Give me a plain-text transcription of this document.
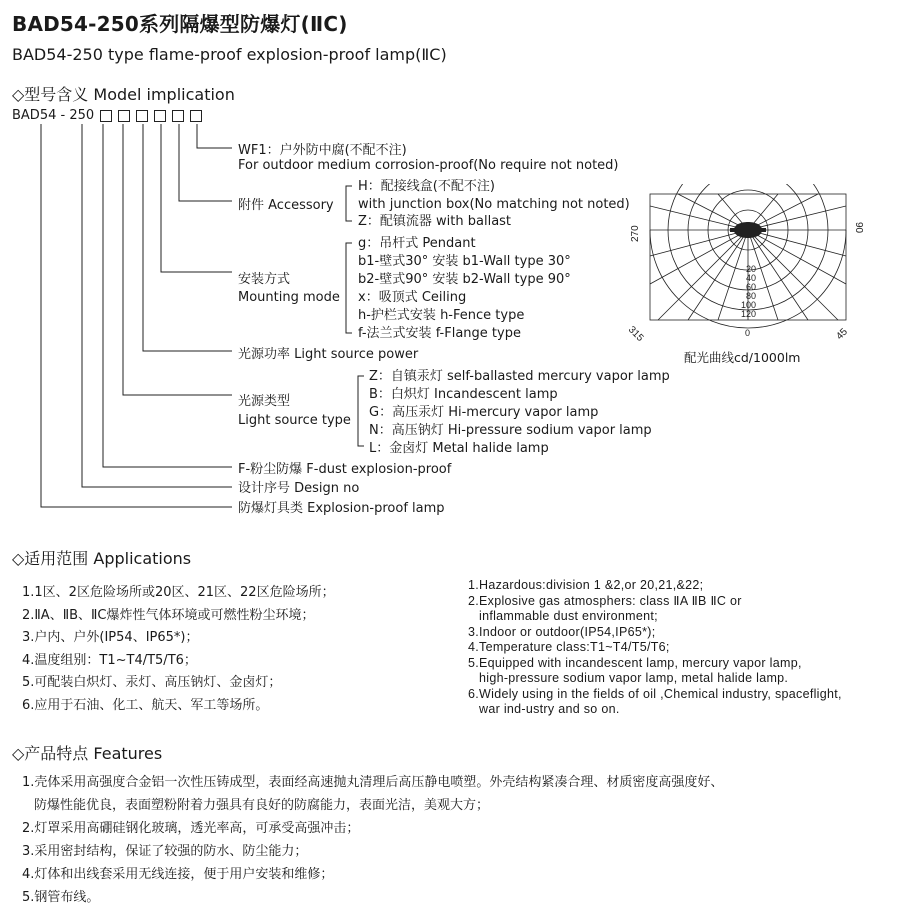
BAD54-250系列隔爆型防爆灯(ⅡC)
BAD54-250 type flame-proof explosion-proof lamp(ⅡC)
◇型号含义 Model implication
BAD54 - 250
WF1：户外防中腐(不配不注)
For outdoor medium corrosion-proof(No require not noted)
附件 Accessory
H：配接线盒(不配不注)
with junction box(No matching not noted)
Z：配镇流器 with ballast
安装方式
Mounting mode
g：吊杆式 Pendant
b1-壁式30° 安装 b1-Wall type 30°
b2-壁式90° 安装 b2-Wall type 90°
x：吸顶式 Ceiling
h-护栏式安装 h-Fence type
f-法兰式安装 f-Flange type
光源功率 Light source power
光源类型
Light source type
Z：自镇汞灯 self-ballasted mercury vapor lamp
B：白炽灯 Incandescent lamp
G：高压汞灯 Hi-mercury vapor lamp
N：高压钠灯 Hi-pressure sodium vapor lamp
L：金卤灯 Metal halide lamp
F-粉尘防爆 F-dust explosion-proof
设计序号 Design no
防爆灯具类 Explosion-proof lamp
20
40
60
80
100
120
0
270	90
315	45
配光曲线cd/1000lm
◇适用范围 Applications
1.1区、2区危险场所或20区、21区、22区危险场所；
2.ⅡA、ⅡB、ⅡC爆炸性气体环境或可燃性粉尘环境；
3.户内、户外(IP54、IP65*)；
4.温度组别：T1~T4/T5/T6；
5.可配装白炽灯、汞灯、高压钠灯、金卤灯；
6.应用于石油、化工、航天、军工等场所。
1.Hazardous:division 1 &2,or 20,21,&22;
2.Explosive gas atmosphers: class ⅡA ⅡB ⅡC or
inflammable dust environment;
3.Indoor or outdoor(IP54,IP65*);
4.Temperature class:T1~T4/T5/T6;
5.Equipped with incandescent lamp, mercury vapor lamp,
high-pressure sodium vapor lamp, metal halide lamp.
6.Widely using in the fields of oil ,Chemical industry, spaceflight,
war ind-ustry and so on.
◇产品特点 Features
1.壳体采用高强度合金铝一次性压铸成型，表面经高速抛丸清理后高压静电喷塑。外壳结构紧凑合理、材质密度高强度好、
防爆性能优良，表面塑粉附着力强具有良好的防腐能力，表面光洁，美观大方；
2.灯罩采用高硼硅钢化玻璃，透光率高，可承受高强冲击；
3.采用密封结构，保证了较强的防水、防尘能力；
4.灯体和出线套采用无线连接，便于用户安装和维修；
5.钢管布线。
